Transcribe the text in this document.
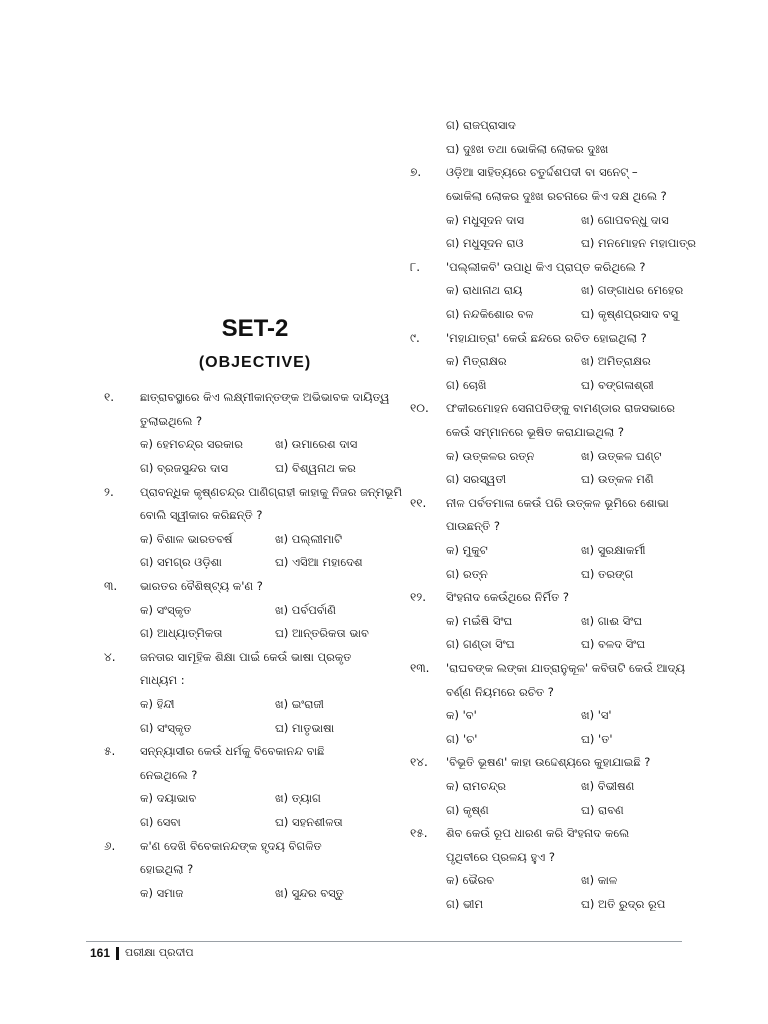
SET-2
(OBJECTIVE)
୧.	ଛାତ୍ରାବସ୍ଥାରେ କିଏ ଲକ୍ଷ୍ମୀକାନ୍ତଙ୍କ ଅଭିଭାବକ ଦାୟିତ୍ୱ
ତୁଲାଇଥିଲେ ?
କ) ହେମଚନ୍ଦ୍ର ସରକାର	ଖ) ଉମାରେଶ ଦାସ
ଗ) ବ୍ରଜସୁନ୍ଦର ଦାସ	ଘ) ବିଶ୍ୱନାଥ କର
୨.	ପ୍ରାବନ୍ଧିକ କୃଷ୍ଣଚନ୍ଦ୍ର ପାଣିଗ୍ରାହୀ କାହାକୁ ନିଜର ଜନ୍ମଭୂମି
ବୋଲି ସ୍ୱୀକାର କରିଛନ୍ତି ?
କ) ବିଶାଳ ଭାରତବର୍ଷ	ଖ) ପଲ୍ଲୀମାଟି
ଗ) ସମଗ୍ର ଓଡ଼ିଶା	ଘ) ଏସିଆ ମହାଦେଶ
୩.	ଭାରତର ବୈଶିଷ୍ଟ୍ୟ କ'ଣ ?
କ) ସଂସ୍କୃତ	ଖ) ପର୍ବପର୍ବାଣି
ଗ) ଆଧ୍ୟାତ୍ମିକତା	ଘ) ଆନ୍ତରିକତା ଭାବ
୪.	ଜନତାର ସାମୂହିକ ଶିକ୍ଷା ପାଇଁ କେଉଁ ଭାଷା ପ୍ରକୃତ
ମାଧ୍ୟମ :
କ) ହିନ୍ଦୀ	ଖ) ଇଂରାଜୀ
ଗ) ସଂସ୍କୃତ	ଘ) ମାତୃଭାଷା
୫.	ସନ୍ନ୍ୟାସୀର କେଉଁ ଧର୍ମକୁ ବିବେକାନନ୍ଦ ବାଛି
ନେଇଥିଲେ ?
କ) ଦୟାଭାବ	ଖ) ତ୍ୟାଗ
ଗ) ସେବା	ଘ) ସହନଶୀଳତା
୬.	କ'ଣ ଦେଖି ବିବେକାନନ୍ଦଙ୍କ ହୃଦୟ ବିଗଳିତ
ହୋଇଥିଲା ?
କ) ସମାଜ	ଖ) ସୁନ୍ଦର ବସ୍ତୁ
ଗ) ରାଜପ୍ରାସାଦ
ଘ) ଦୁଃଖ ତଥା ଭୋକିଲା ଲୋକର ଦୁଃଖ
୭.	ଓଡ଼ିଆ ସାହିତ୍ୟରେ ଚତୁର୍ଦ୍ଦଶପଦୀ ବା ସନେଟ୍ –
ଭୋକିଲା ଲୋକର ଦୁଃଖ ରଚନାରେ କିଏ ଦକ୍ଷ ଥିଲେ ?
କ) ମଧୁସୂଦନ ଦାସ	ଖ) ଗୋପବନ୍ଧୁ ଦାସ
ଗ) ମଧୁସୂଦନ ରାଓ	ଘ) ମନମୋହନ ମହାପାତ୍ର
୮.	'ପଲ୍ଲୀକବି' ଉପାଧି କିଏ ପ୍ରାପ୍ତ କରିଥିଲେ ?
କ) ରାଧାନାଥ ରାୟ	ଖ) ଗଙ୍ଗାଧର ମେହେର
ଗ) ନନ୍ଦକିଶୋର ବଳ	ଘ) କୃଷ୍ଣପ୍ରସାଦ ବସୁ
୯.	'ମହାଯାତ୍ରା' କେଉଁ ଛନ୍ଦରେ ରଚିତ ହୋଇଥିଲା ?
କ) ମିତ୍ରାକ୍ଷର	ଖ) ଅମିତ୍ରାକ୍ଷର
ଗ) ଚୋଖି	ଘ) ବଙ୍ଗଳାଶ୍ରୀ
୧୦.	ଫକୀରମୋହନ ସେନାପତିଙ୍କୁ ବାମଣ୍ଡାର ରାଜସଭାରେ
କେଉଁ ସମ୍ମାନରେ ଭୂଷିତ କରାଯାଇଥିଲା ?
କ) ଉତ୍କଳର ରତ୍ନ	ଖ) ଉତ୍କଳ ଘଣ୍ଟ
ଗ) ସରସ୍ୱତୀ	ଘ) ଉତ୍କଳ ମଣି
୧୧.	ନୀଳ ପର୍ବତମାଳା କେଉଁ ପରି ଉତ୍କଳ ଭୂମିରେ ଶୋଭା
ପାଉଛନ୍ତି ?
କ) ମୁକୁଟ	ଖ) ସୁରକ୍ଷାକର୍ମୀ
ଗ) ରତ୍ନ	ଘ) ତରଙ୍ଗ
୧୨.	ସିଂହନାଦ କେଉଁଥିରେ ନିର୍ମିତ ?
କ) ମଇଁଷି ସିଂଘ	ଖ) ଗାଈ ସିଂଘ
ଗ) ଗଣ୍ଡା ସିଂଘ	ଘ) ବଳଦ ସିଂଘ
୧୩.	'ରାଘବଙ୍କ ଲଙ୍କା ଯାତ୍ରାନୁକୂଳ' କବିତାଟି କେଉଁ ଆଦ୍ୟ
ବର୍ଣ୍ଣ ନିୟମରେ ରଚିତ ?
କ) 'ବ'	ଖ) 'ସ'
ଗ) 'ଚ'	ଘ) 'ତ'
୧୪.	'ବିଭୂତି ଭୂଷଣ' କାହା ଉଦ୍ଦେଶ୍ୟରେ କୁହାଯାଇଛି ?
କ) ରାମଚନ୍ଦ୍ର	ଖ) ବିଭୀଷଣ
ଗ) କୃଷ୍ଣ	ଘ) ରାବଣ
୧୫.	ଶିବ କେଉଁ ରୂପ ଧାରଣ କରି ସିଂହନାଦ କଲେ
ପୃଥିବୀରେ ପ୍ରଳୟ ହୁଏ ?
କ) ଭୈରବ	ଖ) କାଳ
ଗ) ଭୀମ	ଘ) ଅତି ରୁଦ୍ର ରୂପ
161 ପରୀକ୍ଷା ପ୍ରଦୀପ
